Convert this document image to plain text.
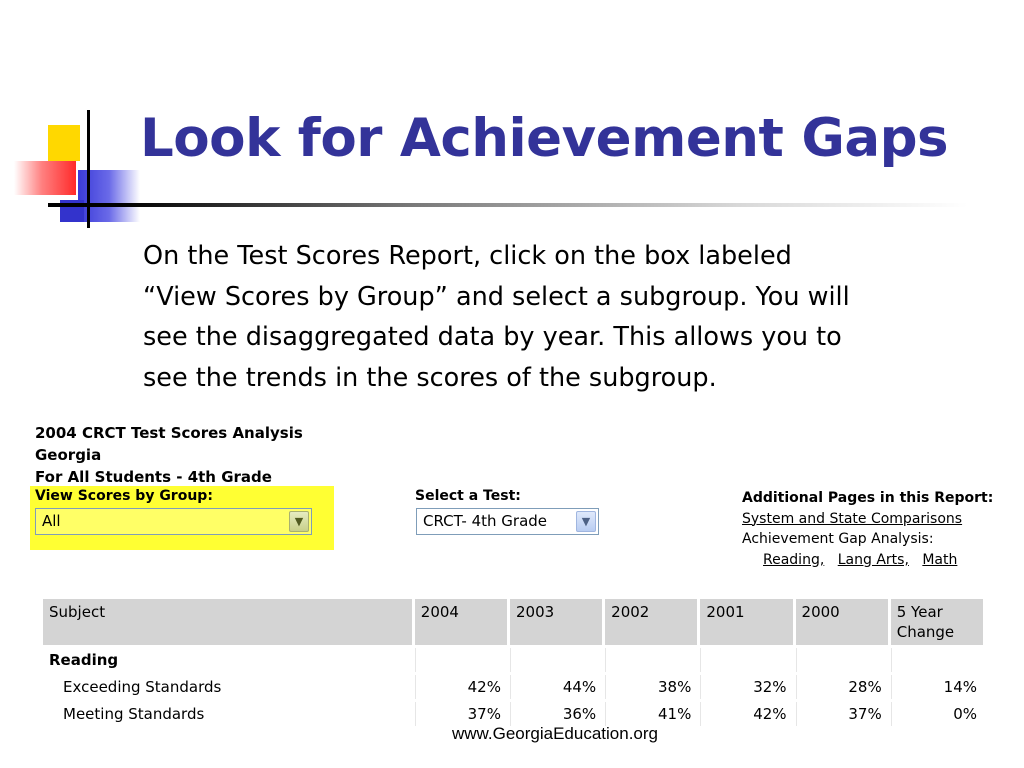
Look for Achievement Gaps
On the Test Scores Report, click on the box labeled
“View Scores by Group” and select a subgroup. You will
see the disaggregated data by year. This allows you to
see the trends in the scores of the subgroup.
2004 CRCT Test Scores Analysis
Georgia
For All Students - 4th Grade
View Scores by Group:
All	▼
Select a Test:
CRCT- 4th Grade	▼
Additional Pages in this Report:
System and State Comparisons
Achievement Gap Analysis:
Reading, Lang Arts, Math
Subject	2004	2003	2002	2001	2000	5 Year Change
Reading						
Exceeding Standards	42%	44%	38%	32%	28%	14%
Meeting Standards	37%	36%	41%	42%	37%	0%
www.GeorgiaEducation.org
